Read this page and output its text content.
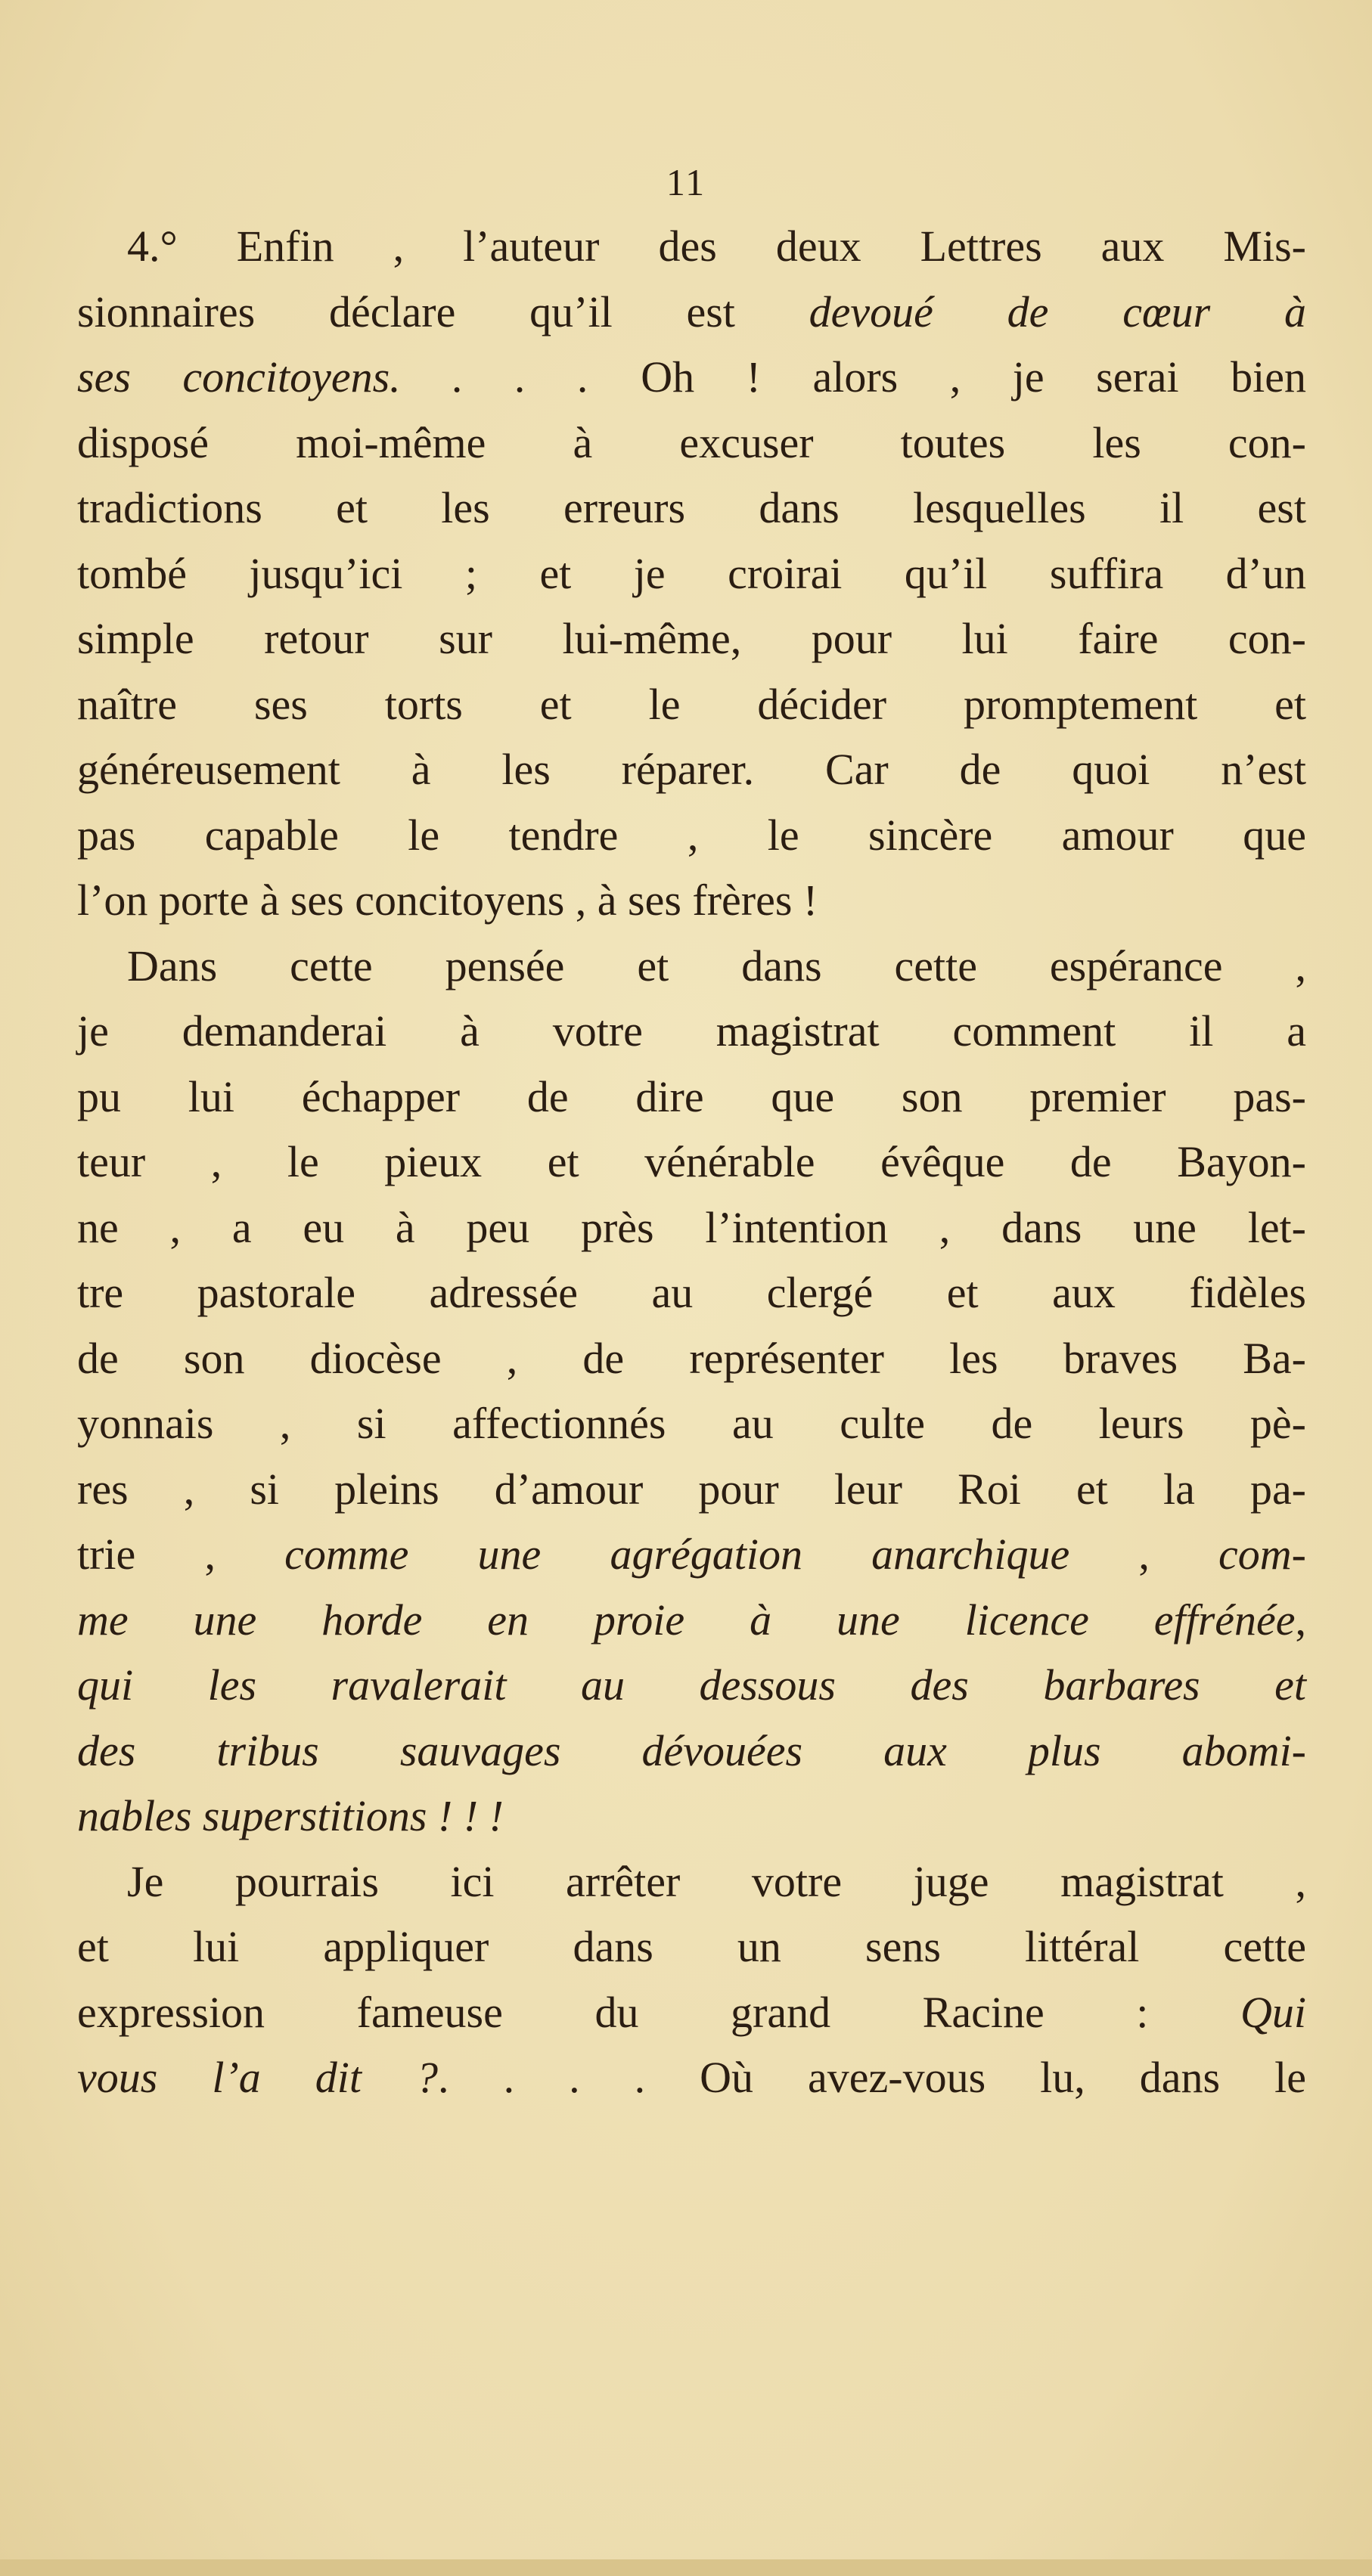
11
4.° Enfin , l’auteur des deux Lettres aux Mis-
sionnaires déclare qu’il est devoué de cœur à
ses concitoyens. . . . Oh ! alors , je serai bien
disposé moi-même à excuser toutes les con-
tradictions et les erreurs dans lesquelles il est
tombé jusqu’ici ; et je croirai qu’il suffira d’un
simple retour sur lui-même, pour lui faire con-
naître ses torts et le décider promptement et
généreusement à les réparer. Car de quoi n’est
pas capable le tendre , le sincère amour que
l’on porte à ses concitoyens , à ses frères !
Dans cette pensée et dans cette espérance ,
je demanderai à votre magistrat comment il a
pu lui échapper de dire que son premier pas-
teur , le pieux et vénérable évêque de Bayon-
ne , a eu à peu près l’intention , dans une let-
tre pastorale adressée au clergé et aux fidèles
de son diocèse , de représenter les braves Ba-
yonnais , si affectionnés au culte de leurs pè-
res , si pleins d’amour pour leur Roi et la pa-
trie , comme une agrégation anarchique , com-
me une horde en proie à une licence effrénée,
qui les ravalerait au dessous des barbares et
des tribus sauvages dévouées aux plus abomi-
nables superstitions ! ! !
Je pourrais ici arrêter votre juge magistrat ,
et lui appliquer dans un sens littéral cette
expression fameuse du grand Racine : Qui
vous l’a dit ?. . . . Où avez-vous lu, dans le
